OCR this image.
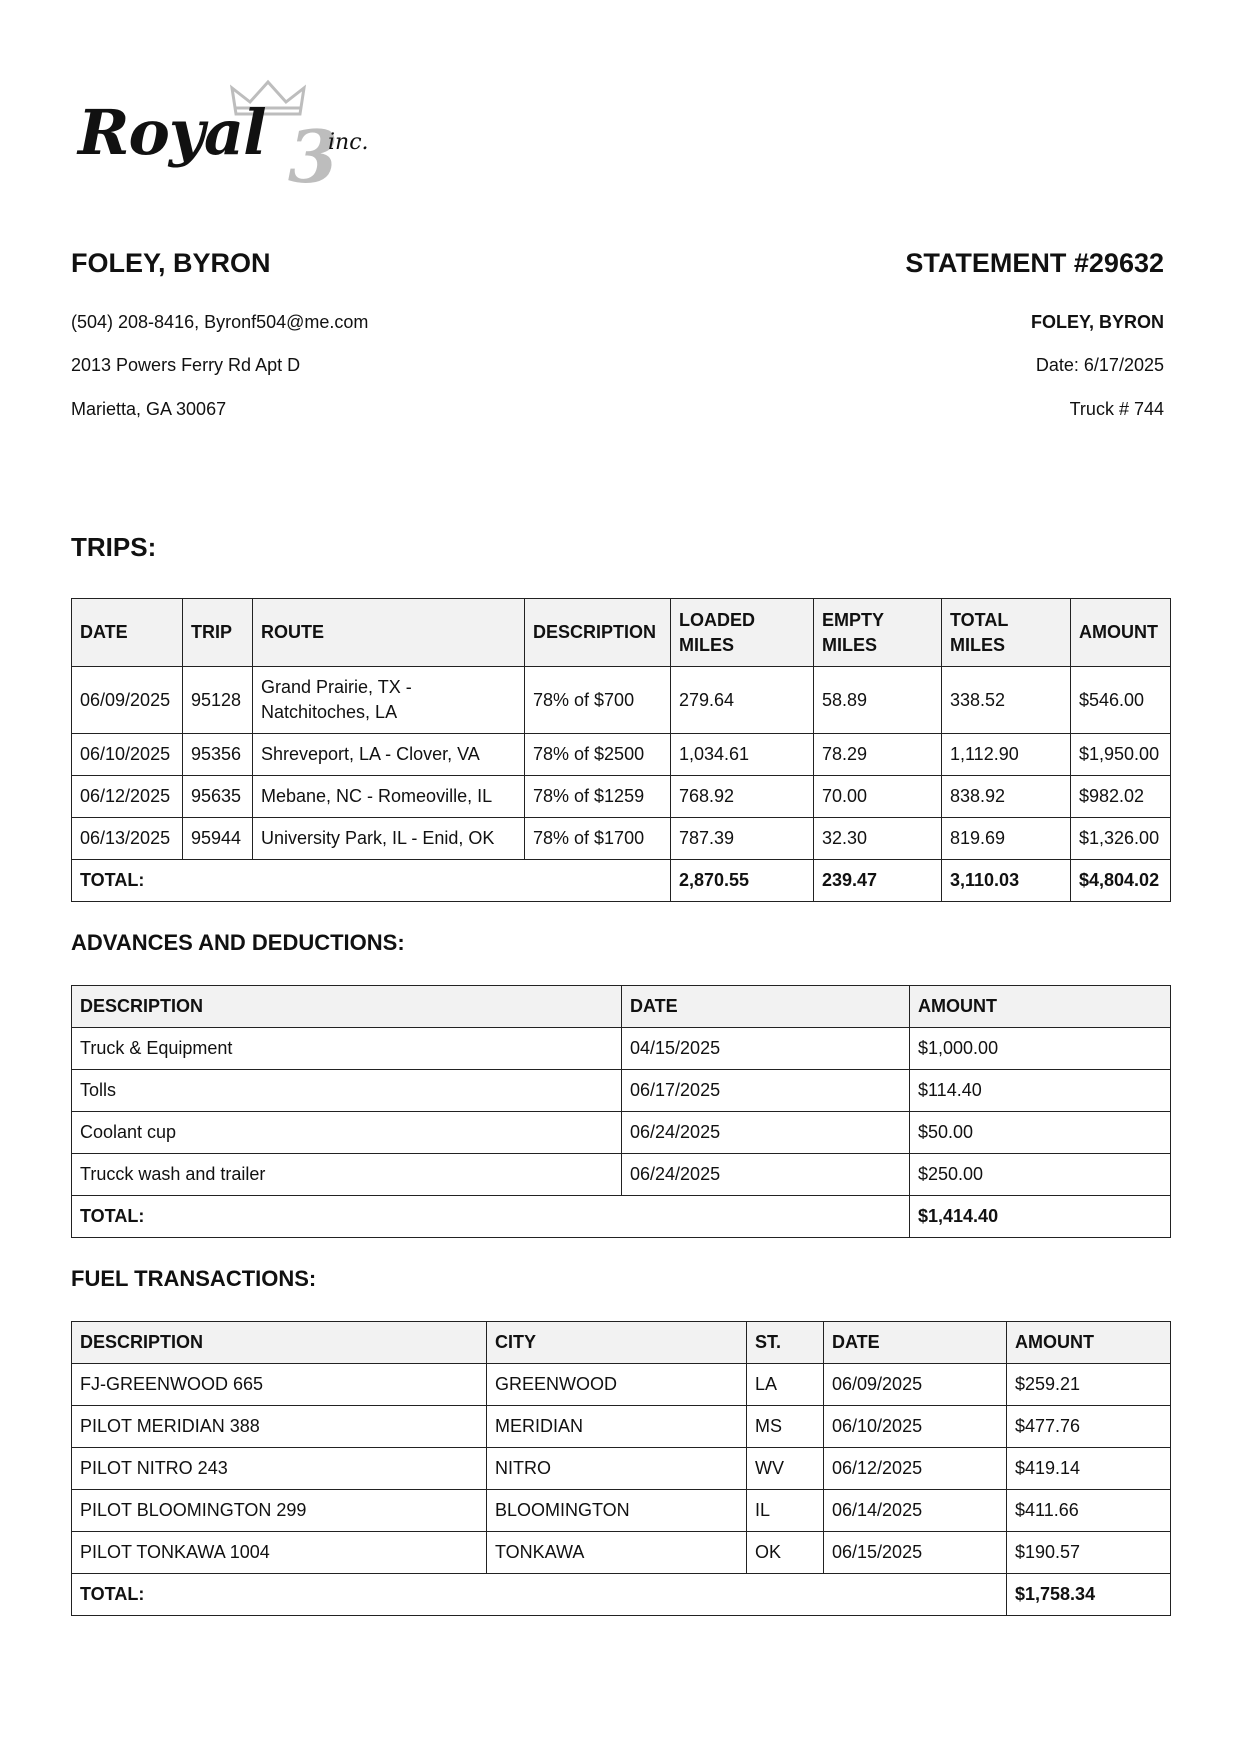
Royal 3
inc.
FOLEY, BYRON
(504) 208-8416, Byronf504@me.com
2013 Powers Ferry Rd Apt D
Marietta, GA 30067
STATEMENT #29632
FOLEY, BYRON
Date: 6/17/2025
Truck # 744
TRIPS:
DATE	TRIP	ROUTE	DESCRIPTION	LOADED MILES	EMPTY MILES	TOTAL MILES	AMOUNT
06/09/2025	95128	Grand Prairie, TX - Natchitoches, LA	78% of $700	279.64	58.89	338.52	$546.00
06/10/2025	95356	Shreveport, LA - Clover, VA	78% of $2500	1,034.61	78.29	1,112.90	$1,950.00
06/12/2025	95635	Mebane, NC - Romeoville, IL	78% of $1259	768.92	70.00	838.92	$982.02
06/13/2025	95944	University Park, IL - Enid, OK	78% of $1700	787.39	32.30	819.69	$1,326.00
TOTAL:				2,870.55	239.47	3,110.03	$4,804.02
ADVANCES AND DEDUCTIONS:
DESCRIPTION	DATE	AMOUNT
Truck & Equipment	04/15/2025	$1,000.00
Tolls	06/17/2025	$114.40
Coolant cup	06/24/2025	$50.00
Trucck wash and trailer	06/24/2025	$250.00
TOTAL:		$1,414.40
FUEL TRANSACTIONS:
DESCRIPTION	CITY	ST.	DATE	AMOUNT
FJ-GREENWOOD 665	GREENWOOD	LA	06/09/2025	$259.21
PILOT MERIDIAN 388	MERIDIAN	MS	06/10/2025	$477.76
PILOT NITRO 243	NITRO	WV	06/12/2025	$419.14
PILOT BLOOMINGTON 299	BLOOMINGTON	IL	06/14/2025	$411.66
PILOT TONKAWA 1004	TONKAWA	OK	06/15/2025	$190.57
TOTAL:				$1,758.34
